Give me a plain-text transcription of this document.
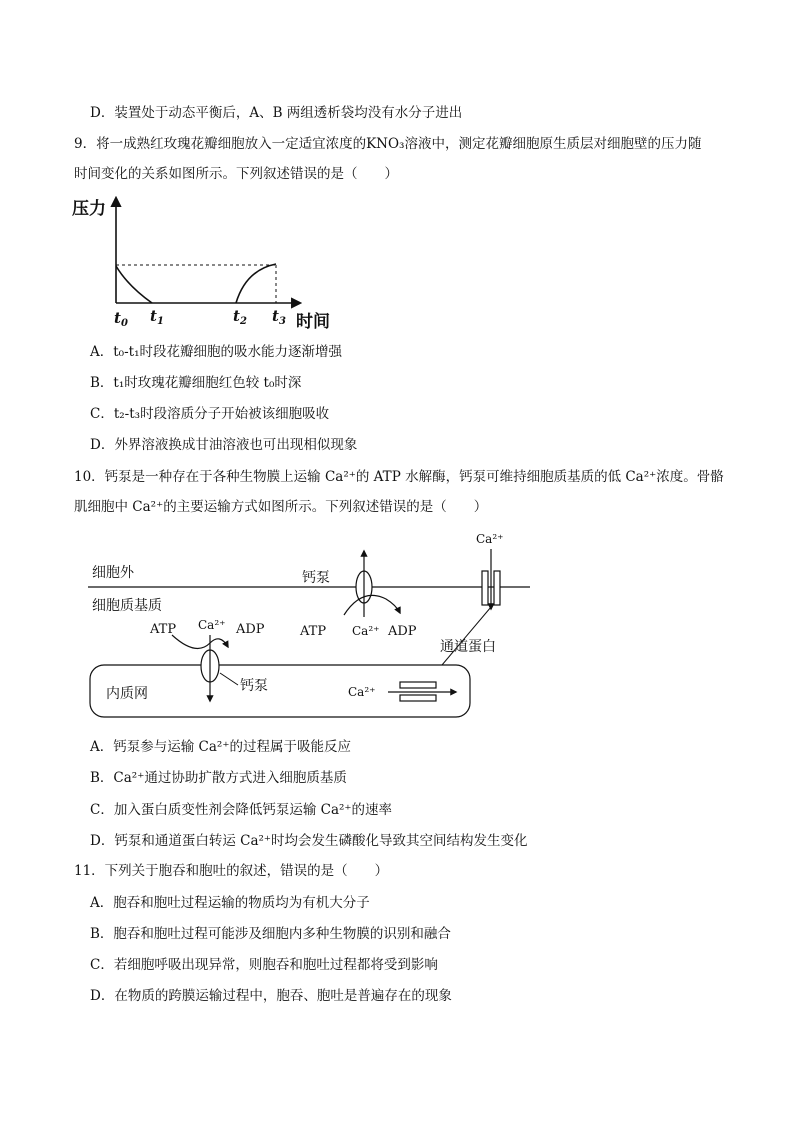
D．装置处于动态平衡后，A、B 两组透析袋均没有水分子进出
9．将一成熟红玫瑰花瓣细胞放入一定适宜浓度的KNO₃溶液中，测定花瓣细胞原生质层对细胞壁的压力随
时间变化的关系如图所示。下列叙述错误的是（　　）
压力
时间
$t_0$ $t_1$	$t_2$ $t_3$
A．t₀-t₁时段花瓣细胞的吸水能力逐渐增强
B．t₁时玫瑰花瓣细胞红色较 t₀时深
C．t₂-t₃时段溶质分子开始被该细胞吸收
D．外界溶液换成甘油溶液也可出现相似现象
10．钙泵是一种存在于各种生物膜上运输 Ca²⁺的 ATP 水解酶，钙泵可维持细胞质基质的低 Ca²⁺浓度。骨骼
肌细胞中 Ca²⁺的主要运输方式如图所示。下列叙述错误的是（　　）
细胞外
细胞质基质
钙泵
ATP Ca²⁺ ADP
Ca²⁺
通道蛋白
内质网
ATP Ca²⁺ ADP
钙泵	Ca²⁺
A．钙泵参与运输 Ca²⁺的过程属于吸能反应
B．Ca²⁺通过协助扩散方式进入细胞质基质
C．加入蛋白质变性剂会降低钙泵运输 Ca²⁺的速率
D．钙泵和通道蛋白转运 Ca²⁺时均会发生磷酸化导致其空间结构发生变化
11．下列关于胞吞和胞吐的叙述，错误的是（　　）
A．胞吞和胞吐过程运输的物质均为有机大分子
B．胞吞和胞吐过程可能涉及细胞内多种生物膜的识别和融合
C．若细胞呼吸出现异常，则胞吞和胞吐过程都将受到影响
D．在物质的跨膜运输过程中，胞吞、胞吐是普遍存在的现象
